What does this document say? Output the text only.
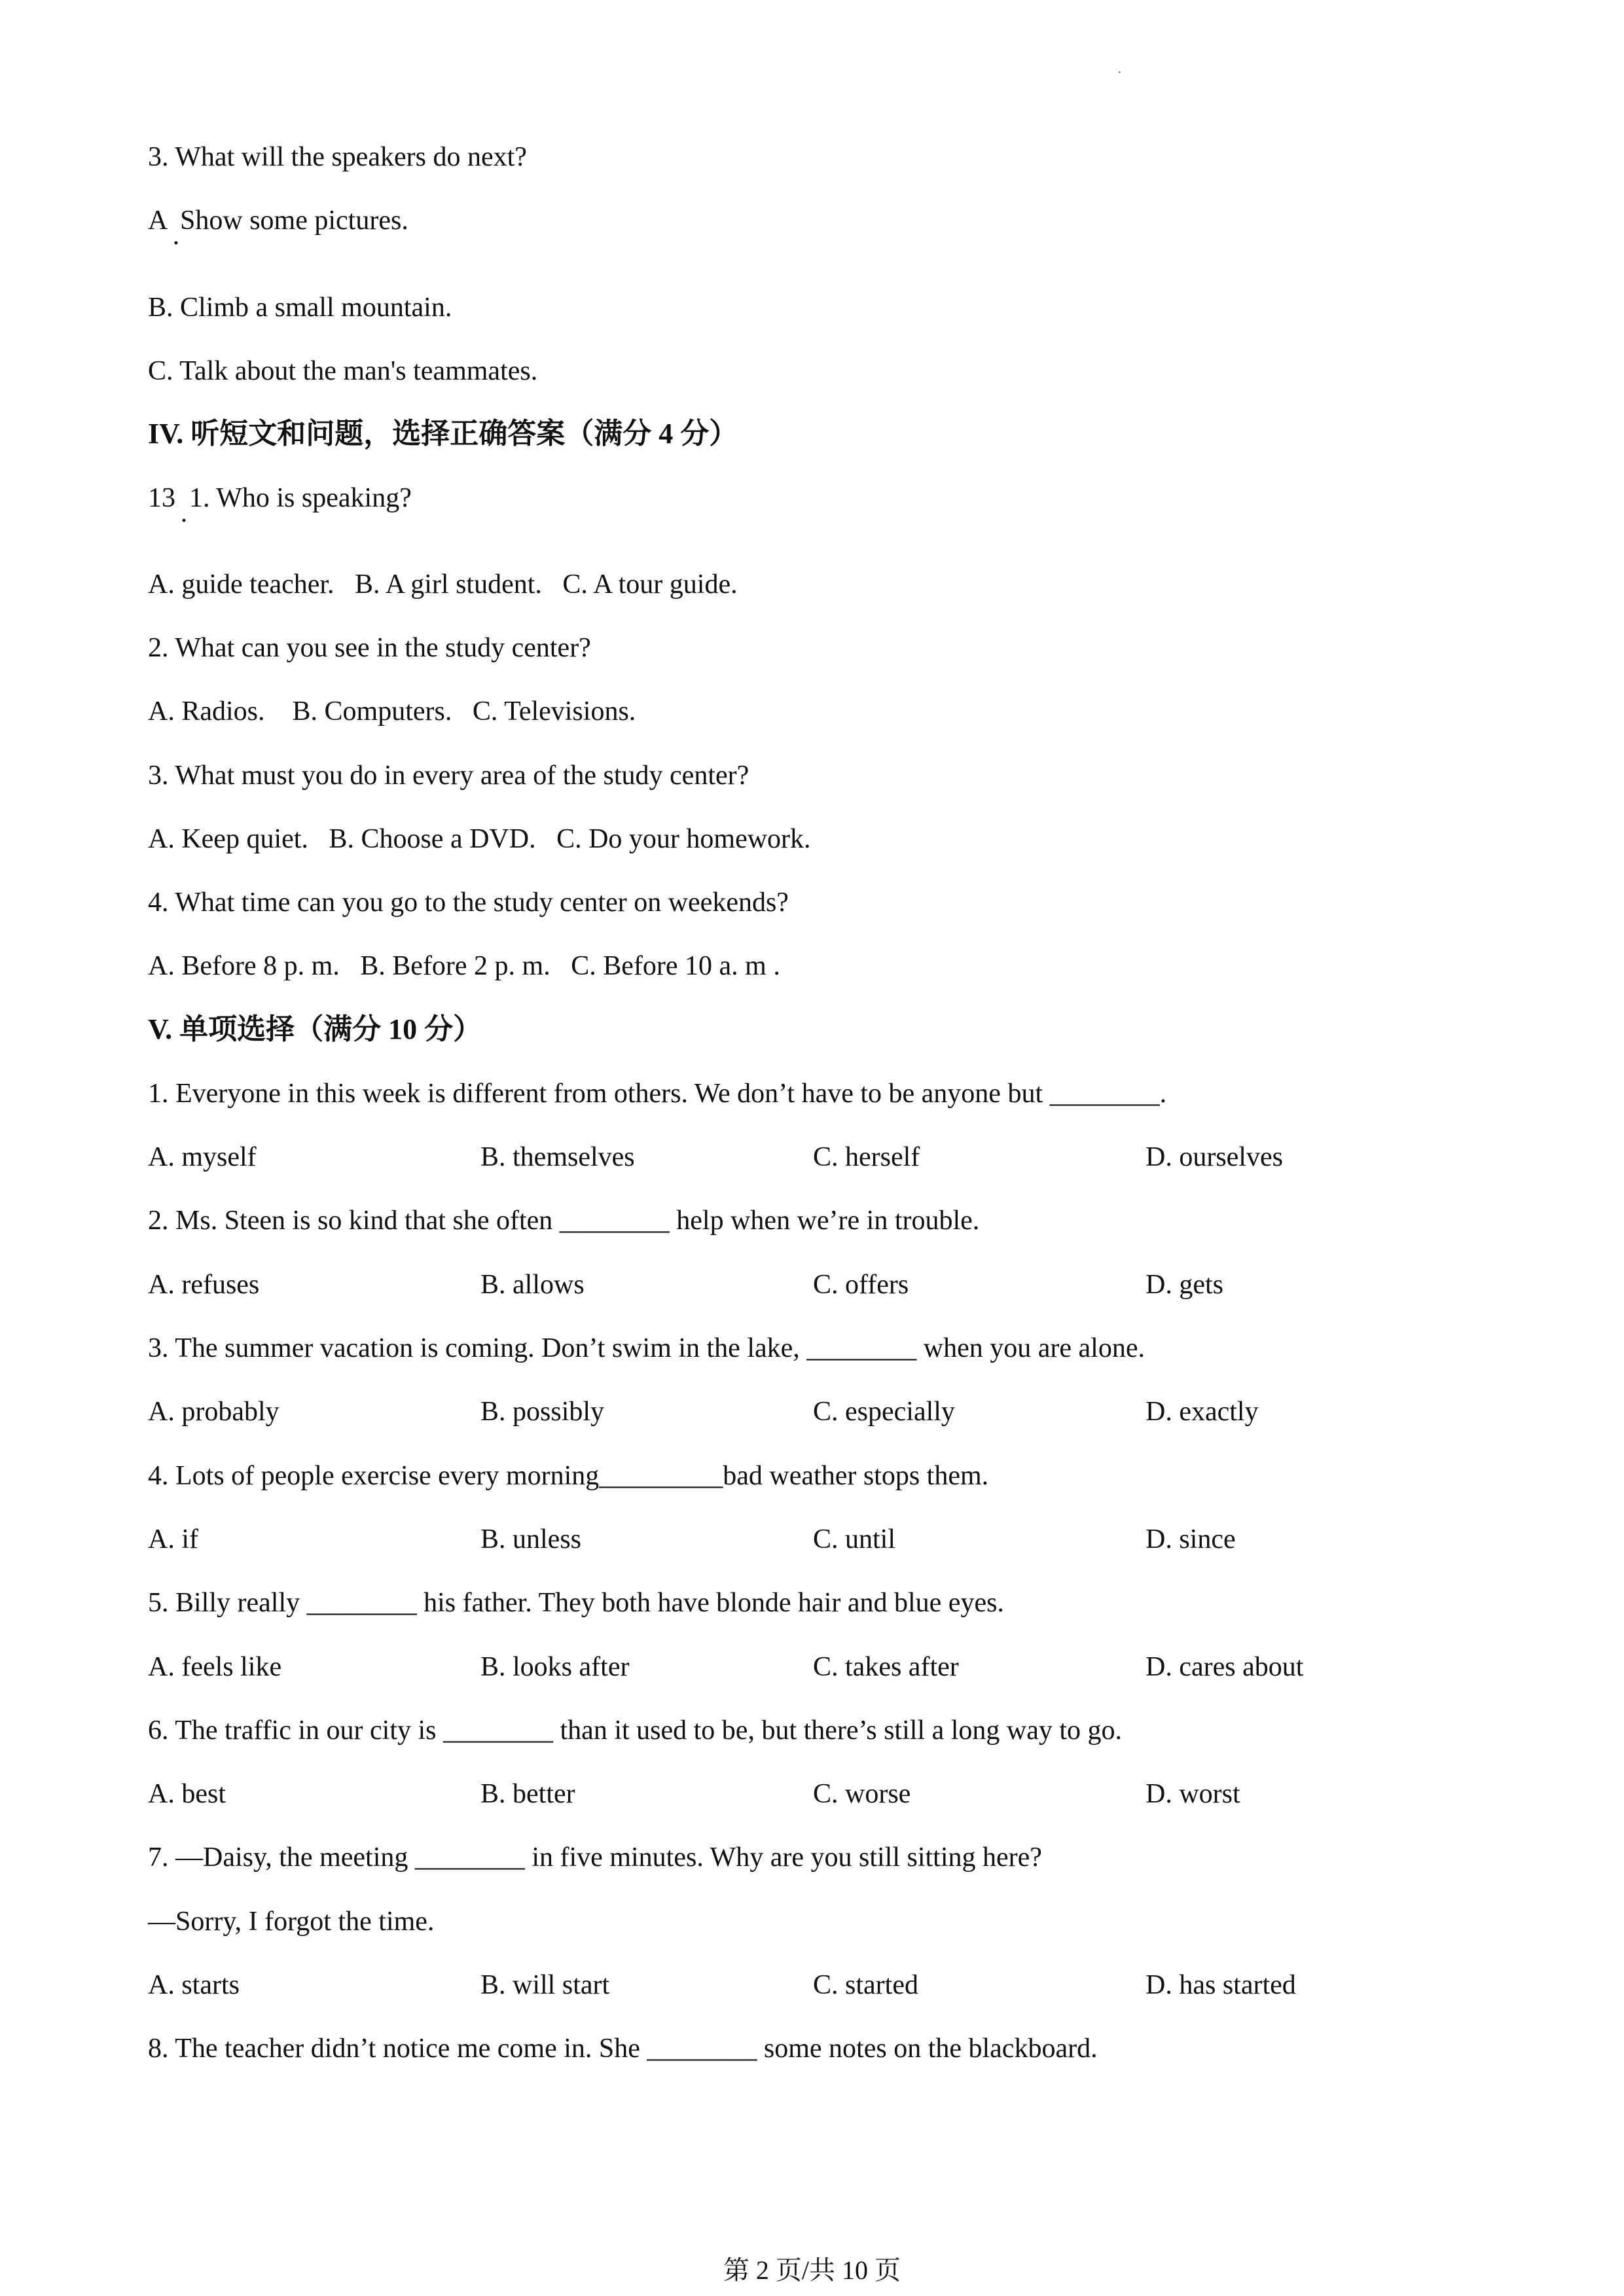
·
3. What will the speakers do next?
A Show some pictures.
·
B. Climb a small mountain.
C. Talk about the man's teammates.
IV. 听短文和问题，选择正确答案（满分 4 分）
13 1. Who is speaking?
·
A. guide teacher.   B. A girl student.   C. A tour guide.
2. What can you see in the study center?
A. Radios.    B. Computers.   C. Televisions.
3. What must you do in every area of the study center?
A. Keep quiet.   B. Choose a DVD.   C. Do your homework.
4. What time can you go to the study center on weekends?
A. Before 8 p. m.   B. Before 2 p. m.   C. Before 10 a. m .
V. 单项选择（满分 10 分）
1. Everyone in this week is different from others. We don’t have to be anyone but ________.
A. myself	B. themselves	C. herself	D. ourselves
2. Ms. Steen is so kind that she often ________ help when we’re in trouble.
A. refuses	B. allows	C. offers	D. gets
3. The summer vacation is coming. Don’t swim in the lake, ________ when you are alone.
A. probably	B. possibly	C. especially	D. exactly
4. Lots of people exercise every morning_________bad weather stops them.
A. if	B. unless	C. until	D. since
5. Billy really ________ his father. They both have blonde hair and blue eyes.
A. feels like	B. looks after	C. takes after	D. cares about
6. The traffic in our city is ________ than it used to be, but there’s still a long way to go.
A. best	B. better	C. worse	D. worst
7. —Daisy, the meeting ________ in five minutes. Why are you still sitting here?
—Sorry, I forgot the time.
A. starts	B. will start	C. started	D. has started
8. The teacher didn’t notice me come in. She ________ some notes on the blackboard.
第 2 页/共 10 页
